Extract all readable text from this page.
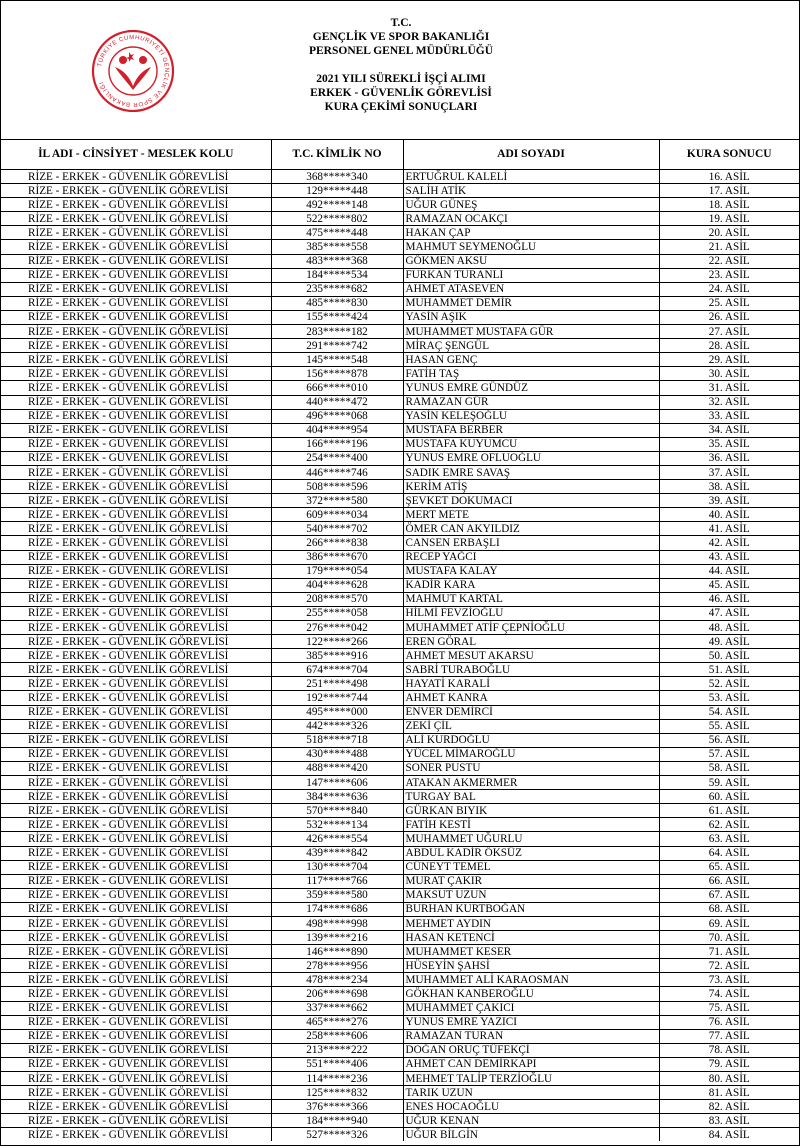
TÜRKİYE CUMHURİYETİ GENÇLİK VE SPOR BAKANLIĞI
T.C.
GENÇLİK VE SPOR BAKANLIĞI
PERSONEL GENEL MÜDÜRLÜĞÜ
2021 YILI SÜREKLİ İŞÇİ ALIMI
ERKEK - GÜVENLİK GÖREVLİSİ
KURA ÇEKİMİ SONUÇLARI
İL ADI - CİNSİYET - MESLEK KOLU	T.C. KİMLİK NO	ADI SOYADI	KURA SONUCU
RİZE - ERKEK - GÜVENLİK GÖREVLİSİ	368*****340	ERTUĞRUL KALELİ	16. ASİL
RİZE - ERKEK - GÜVENLİK GÖREVLİSİ	129*****448	SALİH ATİK	17. ASİL
RİZE - ERKEK - GÜVENLİK GÖREVLİSİ	492*****148	UĞUR GÜNEŞ	18. ASİL
RİZE - ERKEK - GÜVENLİK GÖREVLİSİ	522*****802	RAMAZAN OCAKÇI	19. ASİL
RİZE - ERKEK - GÜVENLİK GÖREVLİSİ	475*****448	HAKAN ÇAP	20. ASİL
RİZE - ERKEK - GÜVENLİK GÖREVLİSİ	385*****558	MAHMUT SEYMENOĞLU	21. ASİL
RİZE - ERKEK - GÜVENLİK GÖREVLİSİ	483*****368	GÖKMEN AKSU	22. ASİL
RİZE - ERKEK - GÜVENLİK GÖREVLİSİ	184*****534	FURKAN TURANLI	23. ASİL
RİZE - ERKEK - GÜVENLİK GÖREVLİSİ	235*****682	AHMET ATASEVEN	24. ASİL
RİZE - ERKEK - GÜVENLİK GÖREVLİSİ	485*****830	MUHAMMET DEMİR	25. ASİL
RİZE - ERKEK - GÜVENLİK GÖREVLİSİ	155*****424	YASİN AŞIK	26. ASİL
RİZE - ERKEK - GÜVENLİK GÖREVLİSİ	283*****182	MUHAMMET MUSTAFA GÜR	27. ASİL
RİZE - ERKEK - GÜVENLİK GÖREVLİSİ	291*****742	MİRAÇ ŞENGÜL	28. ASİL
RİZE - ERKEK - GÜVENLİK GÖREVLİSİ	145*****548	HASAN GENÇ	29. ASİL
RİZE - ERKEK - GÜVENLİK GÖREVLİSİ	156*****878	FATİH TAŞ	30. ASİL
RİZE - ERKEK - GÜVENLİK GÖREVLİSİ	666*****010	YUNUS EMRE GÜNDÜZ	31. ASİL
RİZE - ERKEK - GÜVENLİK GÖREVLİSİ	440*****472	RAMAZAN GÜR	32. ASİL
RİZE - ERKEK - GÜVENLİK GÖREVLİSİ	496*****068	YASİN KELEŞOĞLU	33. ASİL
RİZE - ERKEK - GÜVENLİK GÖREVLİSİ	404*****954	MUSTAFA BERBER	34. ASİL
RİZE - ERKEK - GÜVENLİK GÖREVLİSİ	166*****196	MUSTAFA KUYUMCU	35. ASİL
RİZE - ERKEK - GÜVENLİK GÖREVLİSİ	254*****400	YUNUS EMRE OFLUOĞLU	36. ASİL
RİZE - ERKEK - GÜVENLİK GÖREVLİSİ	446*****746	SADIK EMRE SAVAŞ	37. ASİL
RİZE - ERKEK - GÜVENLİK GÖREVLİSİ	508*****596	KERİM ATİŞ	38. ASİL
RİZE - ERKEK - GÜVENLİK GÖREVLİSİ	372*****580	ŞEVKET DOKUMACI	39. ASİL
RİZE - ERKEK - GÜVENLİK GÖREVLİSİ	609*****034	MERT METE	40. ASİL
RİZE - ERKEK - GÜVENLİK GÖREVLİSİ	540*****702	ÖMER CAN AKYILDIZ	41. ASİL
RİZE - ERKEK - GÜVENLİK GÖREVLİSİ	266*****838	CANSEN ERBAŞLI	42. ASİL
RİZE - ERKEK - GÜVENLİK GÖREVLİSİ	386*****670	RECEP YAĞCI	43. ASİL
RİZE - ERKEK - GÜVENLİK GÖREVLİSİ	179*****054	MUSTAFA KALAY	44. ASİL
RİZE - ERKEK - GÜVENLİK GÖREVLİSİ	404*****628	KADİR KARA	45. ASİL
RİZE - ERKEK - GÜVENLİK GÖREVLİSİ	208*****570	MAHMUT KARTAL	46. ASİL
RİZE - ERKEK - GÜVENLİK GÖREVLİSİ	255*****058	HİLMİ FEVZİOĞLU	47. ASİL
RİZE - ERKEK - GÜVENLİK GÖREVLİSİ	276*****042	MUHAMMET ATİF ÇEPNİOĞLU	48. ASİL
RİZE - ERKEK - GÜVENLİK GÖREVLİSİ	122*****266	EREN GÖRAL	49. ASİL
RİZE - ERKEK - GÜVENLİK GÖREVLİSİ	385*****916	AHMET MESUT AKARSU	50. ASİL
RİZE - ERKEK - GÜVENLİK GÖREVLİSİ	674*****704	SABRİ TURABOĞLU	51. ASİL
RİZE - ERKEK - GÜVENLİK GÖREVLİSİ	251*****498	HAYATİ KARALİ	52. ASİL
RİZE - ERKEK - GÜVENLİK GÖREVLİSİ	192*****744	AHMET KANRA	53. ASİL
RİZE - ERKEK - GÜVENLİK GÖREVLİSİ	495*****000	ENVER DEMİRCİ	54. ASİL
RİZE - ERKEK - GÜVENLİK GÖREVLİSİ	442*****326	ZEKİ ÇİL	55. ASİL
RİZE - ERKEK - GÜVENLİK GÖREVLİSİ	518*****718	ALİ KURDOĞLU	56. ASİL
RİZE - ERKEK - GÜVENLİK GÖREVLİSİ	430*****488	YÜCEL MİMAROĞLU	57. ASİL
RİZE - ERKEK - GÜVENLİK GÖREVLİSİ	488*****420	SONER PUSTU	58. ASİL
RİZE - ERKEK - GÜVENLİK GÖREVLİSİ	147*****606	ATAKAN AKMERMER	59. ASİL
RİZE - ERKEK - GÜVENLİK GÖREVLİSİ	384*****636	TURGAY BAL	60. ASİL
RİZE - ERKEK - GÜVENLİK GÖREVLİSİ	570*****840	GÜRKAN BIYIK	61. ASİL
RİZE - ERKEK - GÜVENLİK GÖREVLİSİ	532*****134	FATİH KESTİ	62. ASİL
RİZE - ERKEK - GÜVENLİK GÖREVLİSİ	426*****554	MUHAMMET UĞURLU	63. ASİL
RİZE - ERKEK - GÜVENLİK GÖREVLİSİ	439*****842	ABDUL KADİR ÖKSÜZ	64. ASİL
RİZE - ERKEK - GÜVENLİK GÖREVLİSİ	130*****704	CÜNEYT TEMEL	65. ASİL
RİZE - ERKEK - GÜVENLİK GÖREVLİSİ	117*****766	MURAT ÇAKIR	66. ASİL
RİZE - ERKEK - GÜVENLİK GÖREVLİSİ	359*****580	MAKSUT UZUN	67. ASİL
RİZE - ERKEK - GÜVENLİK GÖREVLİSİ	174*****686	BURHAN KURTBOĞAN	68. ASİL
RİZE - ERKEK - GÜVENLİK GÖREVLİSİ	498*****998	MEHMET AYDIN	69. ASİL
RİZE - ERKEK - GÜVENLİK GÖREVLİSİ	139*****216	HASAN KETENCİ	70. ASİL
RİZE - ERKEK - GÜVENLİK GÖREVLİSİ	146*****890	MUHAMMET KESER	71. ASİL
RİZE - ERKEK - GÜVENLİK GÖREVLİSİ	278*****956	HÜSEYİN ŞAHSİ	72. ASİL
RİZE - ERKEK - GÜVENLİK GÖREVLİSİ	478*****234	MUHAMMET ALİ KARAOSMAN	73. ASİL
RİZE - ERKEK - GÜVENLİK GÖREVLİSİ	206*****698	GÖKHAN KANBEROĞLU	74. ASİL
RİZE - ERKEK - GÜVENLİK GÖREVLİSİ	337*****662	MUHAMMET ÇAKICI	75. ASİL
RİZE - ERKEK - GÜVENLİK GÖREVLİSİ	465*****276	YUNUS EMRE YAZICI	76. ASİL
RİZE - ERKEK - GÜVENLİK GÖREVLİSİ	258*****606	RAMAZAN TURAN	77. ASİL
RİZE - ERKEK - GÜVENLİK GÖREVLİSİ	213*****222	DOĞAN ORUÇ TÜFEKÇİ	78. ASİL
RİZE - ERKEK - GÜVENLİK GÖREVLİSİ	551*****406	AHMET CAN DEMİRKAPI	79. ASİL
RİZE - ERKEK - GÜVENLİK GÖREVLİSİ	114*****236	MEHMET TALİP TERZİOĞLU	80. ASİL
RİZE - ERKEK - GÜVENLİK GÖREVLİSİ	125*****832	TARIK UZUN	81. ASİL
RİZE - ERKEK - GÜVENLİK GÖREVLİSİ	376*****366	ENES HOCAOĞLU	82. ASİL
RİZE - ERKEK - GÜVENLİK GÖREVLİSİ	184*****940	UĞUR KENAN	83. ASİL
RİZE - ERKEK - GÜVENLİK GÖREVLİSİ	527*****326	UĞUR BİLGİN	84. ASİL
